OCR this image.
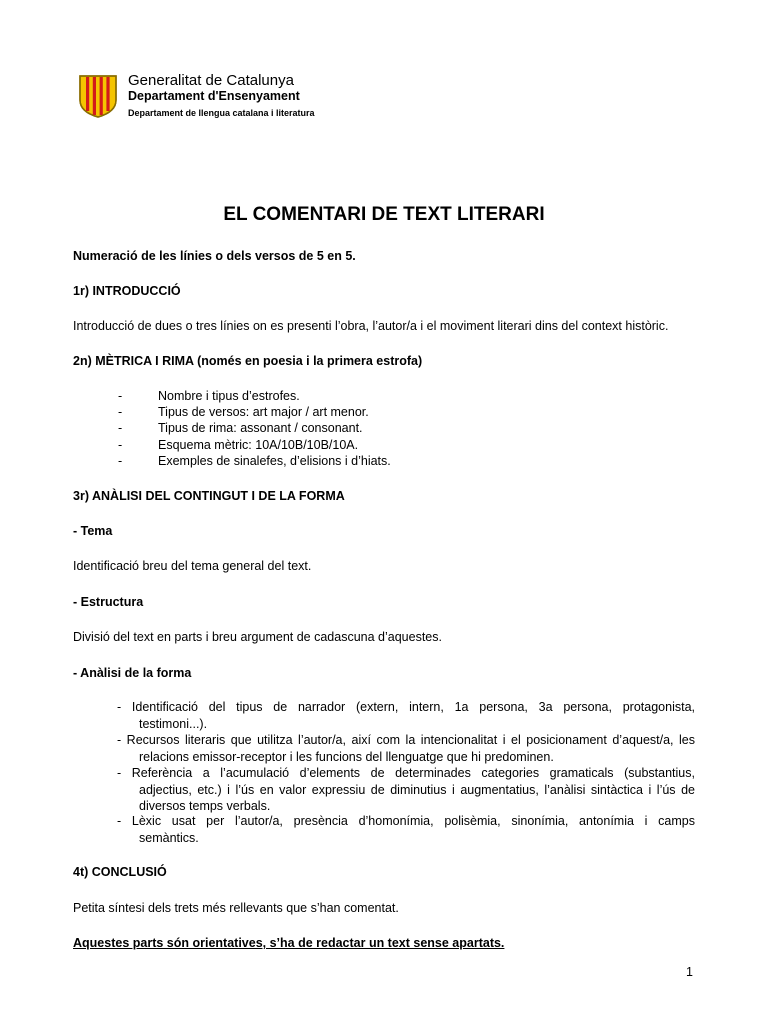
Generalitat de Catalunya
Departament d'Ensenyament
Departament de llengua catalana i literatura
EL COMENTARI DE TEXT LITERARI
Numeració de les línies o dels versos de 5 en 5.
1r) INTRODUCCIÓ
Introducció de dues o tres línies on es presenti l’obra, l’autor/a i el moviment literari dins del context històric.
2n) MÈTRICA I RIMA (només en poesia i la primera estrofa)
-	Nombre i tipus d’estrofes.
-	Tipus de versos: art major / art menor.
-	Tipus de rima: assonant / consonant.
-	Esquema mètric: 10A/10B/10B/10A.
-	Exemples de sinalefes, d’elisions i d’hiats.
3r) ANÀLISI DEL CONTINGUT I DE LA FORMA
- Tema
Identificació breu del tema general del text.
- Estructura
Divisió del text en parts i breu argument de cadascuna d’aquestes.
- Anàlisi de la forma
- Identificació del tipus de narrador (extern, intern, 1a persona, 3a persona, protagonista,
testimoni...).
- Recursos literaris que utilitza l’autor/a, així com la intencionalitat i el posicionament d’aquest/a, les
relacions emissor-receptor i les funcions del llenguatge que hi predominen.
- Referència a l’acumulació d’elements de determinades categories gramaticals (substantius,
adjectius, etc.) i l’ús en valor expressiu de diminutius i augmentatius, l’anàlisi sintàctica i l’ús de
diversos temps verbals.
- Lèxic usat per l’autor/a, presència d’homonímia, polisèmia, sinonímia, antonímia i camps
semàntics.
4t) CONCLUSIÓ
Petita síntesi dels trets més rellevants que s’han comentat.
Aquestes parts són orientatives, s’ha de redactar un text sense apartats.
1
